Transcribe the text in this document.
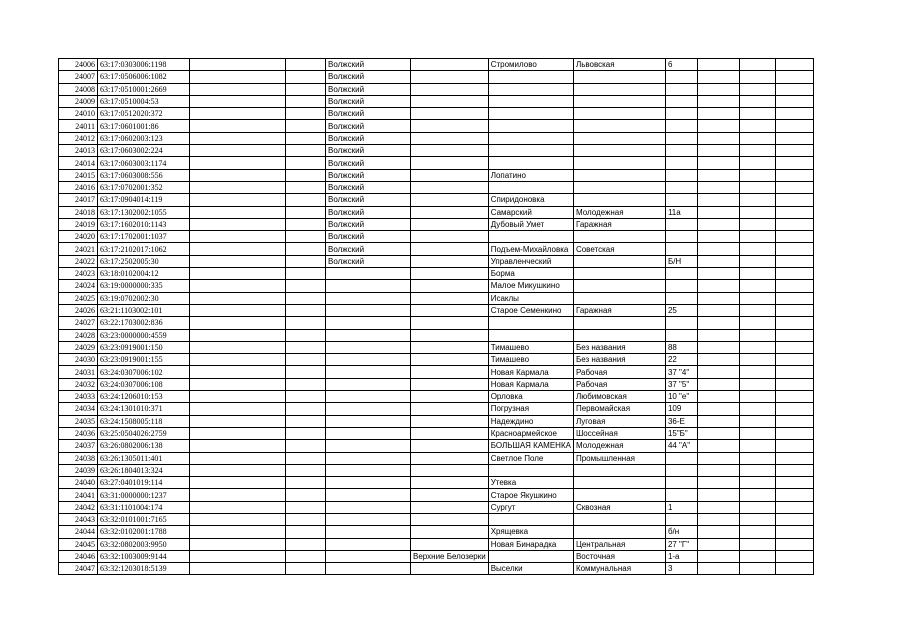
24006	63:17:0303006:1198			Волжский		Стромилово	Львовская	6			
24007	63:17:0506006:1082			Волжский							
24008	63:17:0510001:2669			Волжский							
24009	63:17:0510004:53			Волжский							
24010	63:17:0512020:372			Волжский							
24011	63:17:0601001:86			Волжский							
24012	63:17:0602003:123			Волжский							
24013	63:17:0603002:224			Волжский							
24014	63:17:0603003:1174			Волжский							
24015	63:17:0603008:556			Волжский		Лопатино					
24016	63:17:0702001:352			Волжский							
24017	63:17:0904014:119			Волжский		Спиридоновка					
24018	63:17:1302002:1055			Волжский		Самарский	Молодежная	11а			
24019	63:17:1602010:1143			Волжский		Дубовый Умет	Гаражная				
24020	63:17:1702001:1037			Волжский							
24021	63:17:2102017:1062			Волжский		Подъем-Михайловка	Советская				
24022	63:17:2502005:30			Волжский		Управленческий		Б/Н			
24023	63:18:0102004:12					Борма					
24024	63:19:0000000:335					Малое Микушкино					
24025	63:19:0702002:30					Исаклы					
24026	63:21:1103002:101					Старое Семенкино	Гаражная	25			
24027	63:22:1703002:836										
24028	63:23:0000000:4559										
24029	63:23:0919001:150					Тимашево	Без названия	88			
24030	63:23:0919001:155					Тимашево	Без названия	22			
24031	63:24:0307006:102					Новая Кармала	Рабочая	37 "4"			
24032	63:24:0307006:108					Новая Кармала	Рабочая	37 "5"			
24033	63:24:1206010:153					Орловка	Любимовская	10 "е"			
24034	63:24:1301010:371					Погрузная	Первомайская	109			
24035	63:24:1508005:118					Надеждино	Луговая	36-Е			
24036	63:25:0504026:2759					Красноармейское	Шоссейная	15"Б"			
24037	63:26:0802006:138					БОЛЬШАЯ КАМЕНКА	Молодежная	44 "А"			
24038	63:26:1305011:401					Светлое Поле	Промышленная				
24039	63:26:1804013:324										
24040	63:27:0401019:114					Утевка					
24041	63:31:0000000:1237					Старое Якушкино					
24042	63:31:1101004:174					Сургут	Сквозная	1			
24043	63:32:0101001:7165										
24044	63:32:0102001:1788					Хрящевка		б/н			
24045	63:32:0802003:9950					Новая Бинарадка	Центральная	27 "Г"			
24046	63:32:1003009:9144				Верхние Белозерки		Восточная	1-а			
24047	63:32:1203018:5139					Выселки	Коммунальная	3			
